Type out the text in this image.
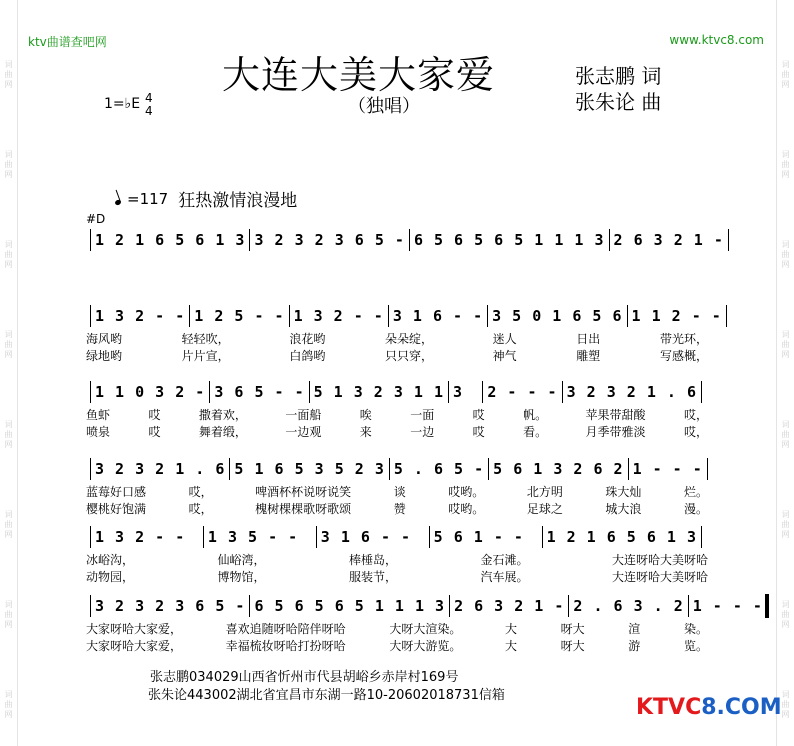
词曲网
词曲网
词曲网
词曲网
词曲网
词曲网
词曲网
词曲网
词曲网
词曲网
词曲网
词曲网
词曲网
词曲网
词曲网
词曲网
ktv曲谱查吧网	www.ktvc8.com
大连大美大家爱
（独唱）
张志鹏 词
张朱论 曲
1=♭E 4
4
=117 狂热激情浪漫地
#D
1 2 1 6 5 6 1 3 3 2 3 2 3 6 5 - 6 5 6 5 6 5 1 1 1 3 2 6 3 2 1 -
1 3 2 - - 1 2 5 - - 1 3 2 - - 3 1 6 - - 3 5 0 1 6 5 6 1 1 2 - -
海风哟	轻轻吹，	浪花哟	朵朵绽，	迷人	日出	带光环，
绿地哟	片片宣，	白鸽哟	只只穿，	神气	雕塑	写感概，
1 1 0 3 2 - 3 6 5 - - 5 1 3 2 3 1 1 3	2 - - - 3 2 3 2 1 . 6
鱼虾	哎	撒着欢，	一面船	唉	一面	哎	帆。	苹果带甜酸	哎，
喷泉	哎	舞着缎，	一边观	来	一边	哎	看。	月季带雅淡	哎，
3 2 3 2 1 . 6 5 1 6 5 3 5 2 3 5 . 6 5 - 5 6 1 3 2 6 2 1 - - -
蓝莓好口感	哎，	啤酒杯杯说呀说笑	谈	哎哟。	北方明	珠大灿	烂。
樱桃好饱满	哎，	槐树棵棵歌呀歌颂	赞	哎哟。	足球之	城大浪	漫。
1 3 2 - -	1 3 5 - -	3 1 6 - -	5 6 1 - -	1 2 1 6 5 6 1 3
冰峪沟，	仙峪湾，	棒棰岛，	金石滩。	大连呀哈大美呀哈
动物园，	博物馆，	服装节，	汽车展。	大连呀哈大美呀哈
3 2 3 2 3 6 5 - 6 5 6 5 6 5 1 1 1 3 2 6 3 2 1 - 2 . 6 3 . 2 1 - - -
大家呀哈大家爱，	喜欢追随呀哈陪伴呀哈	大呀大渲染。	大	呀大	渲	染。
大家呀哈大家爱，	幸福梳妆呀哈打扮呀哈	大呀大游览。	大	呀大	游	览。
张志鹏034029山西省忻州市代县胡峪乡赤岸村169号
张朱论443002湖北省宜昌市东湖一路10-20602018731信箱	KTVC8.COM
